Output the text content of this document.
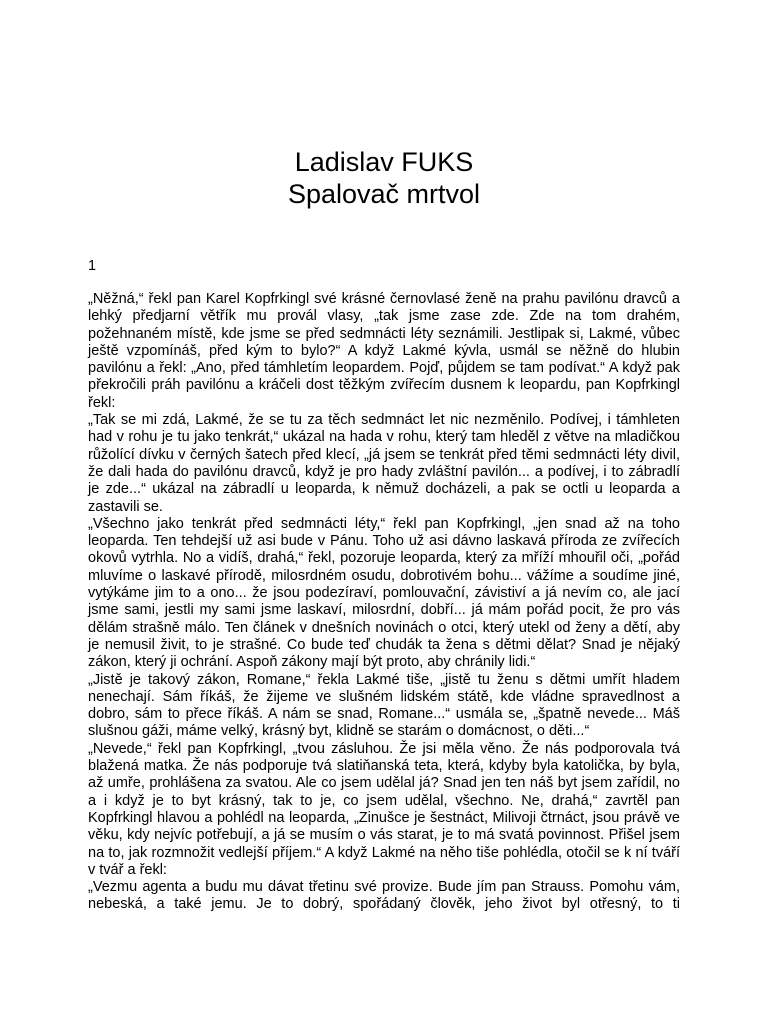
Ladislav FUKS
Spalovač mrtvol

1

„Něžná,“ řekl pan Karel Kopfrkingl své krásné černovlasé ženě na prahu pavilónu dravců a lehký předjarní větřík mu provál vlasy, „tak jsme zase zde. Zde na tom drahém, požehnaném místě, kde jsme se před sedmnácti léty seznámili. Jestlipak si, Lakmé, vůbec ještě vzpomínáš, před kým to bylo?“ A když Lakmé kývla, usmál se něžně do hlubin pavilónu a řekl: „Ano, před támhletím leopardem. Pojď, půjdem se tam podívat.“ A když pak překročili práh pavilónu a kráčeli dost těžkým zvířecím dusnem k leopardu, pan Kopfrkingl řekl:

„Tak se mi zdá, Lakmé, že se tu za těch sedmnáct let nic nezměnilo. Podívej, i támhleten had v rohu je tu jako tenkrát,“ ukázal na hada v rohu, který tam hleděl z větve na mladičkou růžolící dívku v černých šatech před klecí, „já jsem se tenkrát před těmi sedmnácti léty divil, že dali hada do pavilónu dravců, když je pro hady zvláštní pavilón... a podívej, i to zábradlí je zde...“ ukázal na zábradlí u leoparda, k němuž docházeli, a pak se octli u leoparda a zastavili se.

„Všechno jako tenkrát před sedmnácti léty,“ řekl pan Kopfrkingl, „jen snad až na toho leoparda. Ten tehdejší už asi bude v Pánu. Toho už asi dávno laskavá příroda ze zvířecích okovů vytrhla. No a vidíš, drahá,“ řekl, pozoruje leoparda, který za mříží mhouřil oči, „pořád mluvíme o laskavé přírodě, milosrdném osudu, dobrotivém bohu... vážíme a soudíme jiné, vytýkáme jim to a ono... že jsou podezíraví, pomlouvační, závistiví a já nevím co, ale jací jsme sami, jestli my sami jsme laskaví, milosrdní, dobří... já mám pořád pocit, že pro vás dělám strašně málo. Ten článek v dnešních novinách o otci, který utekl od ženy a dětí, aby je nemusil živit, to je strašné. Co bude teď chudák ta žena s dětmi dělat? Snad je nějaký zákon, který ji ochrání. Aspoň zákony mají být proto, aby chránily lidi.“

„Jistě je takový zákon, Romane,“ řekla Lakmé tiše, „jistě tu ženu s dětmi umřít hladem nenechají. Sám říkáš, že žijeme ve slušném lidském státě, kde vládne spravedlnost a dobro, sám to přece říkáš. A nám se snad, Romane...“ usmála se, „špatně nevede... Máš slušnou gáži, máme velký, krásný byt, klidně se starám o domácnost, o děti...“

„Nevede,“ řekl pan Kopfrkingl, „tvou zásluhou. Že jsi měla věno. Že nás podporovala tvá blažená matka. Že nás podporuje tvá slatiňanská teta, která, kdyby byla katolička, by byla, až umře, prohlášena za svatou. Ale co jsem udělal já? Snad jen ten náš byt jsem zařídil, no a i když je to byt krásný, tak to je, co jsem udělal, všechno. Ne, drahá,“ zavrtěl pan Kopfrkingl hlavou a pohlédl na leoparda, „Zinušce je šestnáct, Milivoji čtrnáct, jsou právě ve věku, kdy nejvíc potřebují, a já se musím o vás starat, je to má svatá povinnost. Přišel jsem na to, jak rozmnožit vedlejší příjem.“ A když Lakmé na něho tiše pohlédla, otočil se k ní tváří v tvář a řekl:

„Vezmu agenta a budu mu dávat třetinu své provize. Bude jím pan Strauss. Pomohu vám, nebeská, a také jemu. Je to dobrý, spořádaný člověk, jeho život byl otřesný, to ti
